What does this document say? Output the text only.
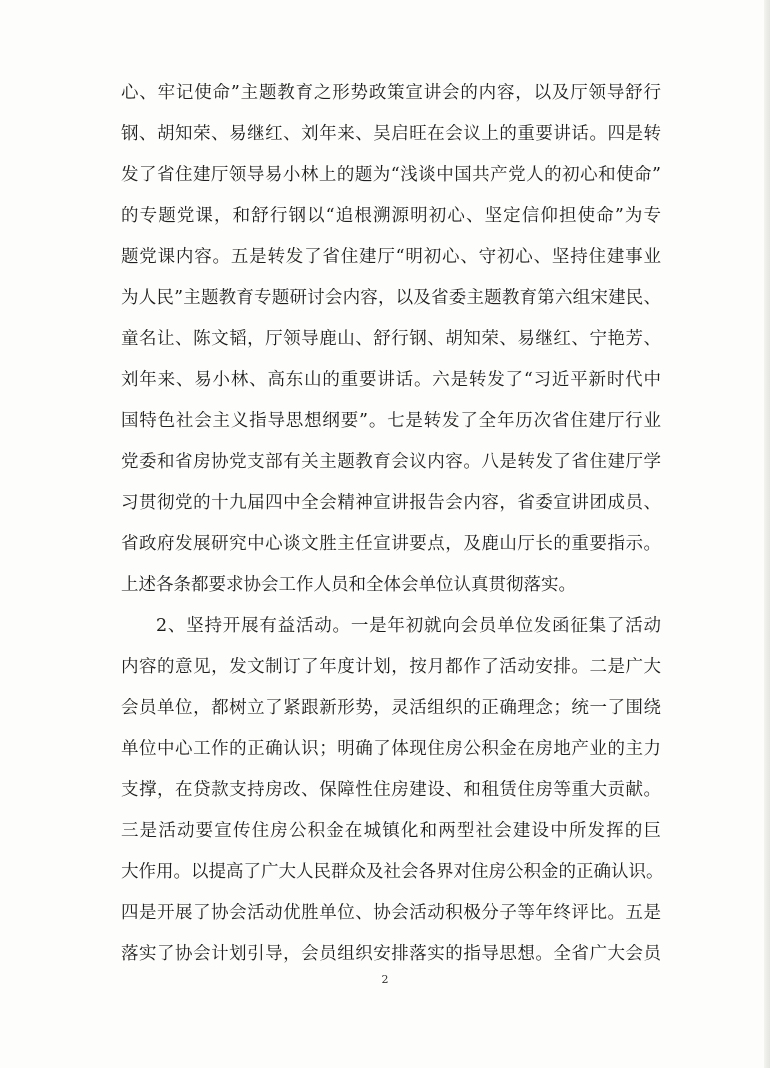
心、牢记使命”主题教育之形势政策宣讲会的内容，以及厅领导舒行
钢、胡知荣、易继红、刘年来、吴启旺在会议上的重要讲话。四是转
发了省住建厅领导易小林上的题为“浅谈中国共产党人的初心和使命”
的专题党课，和舒行钢以“追根溯源明初心、坚定信仰担使命”为专
题党课内容。五是转发了省住建厅“明初心、守初心、坚持住建事业
为人民”主题教育专题研讨会内容，以及省委主题教育第六组宋建民、
童名让、陈文韬，厅领导鹿山、舒行钢、胡知荣、易继红、宁艳芳、
刘年来、易小林、高东山的重要讲话。六是转发了“习近平新时代中
国特色社会主义指导思想纲要”。七是转发了全年历次省住建厅行业
党委和省房协党支部有关主题教育会议内容。八是转发了省住建厅学
习贯彻党的十九届四中全会精神宣讲报告会内容，省委宣讲团成员、
省政府发展研究中心谈文胜主任宣讲要点，及鹿山厅长的重要指示。
上述各条都要求协会工作人员和全体会单位认真贯彻落实。
2、坚持开展有益活动。一是年初就向会员单位发函征集了活动
内容的意见，发文制订了年度计划，按月都作了活动安排。二是广大
会员单位，都树立了紧跟新形势，灵活组织的正确理念；统一了围绕
单位中心工作的正确认识；明确了体现住房公积金在房地产业的主力
支撑，在贷款支持房改、保障性住房建设、和租赁住房等重大贡献。
三是活动要宣传住房公积金在城镇化和两型社会建设中所发挥的巨
大作用。以提高了广大人民群众及社会各界对住房公积金的正确认识。
四是开展了协会活动优胜单位、协会活动积极分子等年终评比。五是
落实了协会计划引导，会员组织安排落实的指导思想。全省广大会员
2
